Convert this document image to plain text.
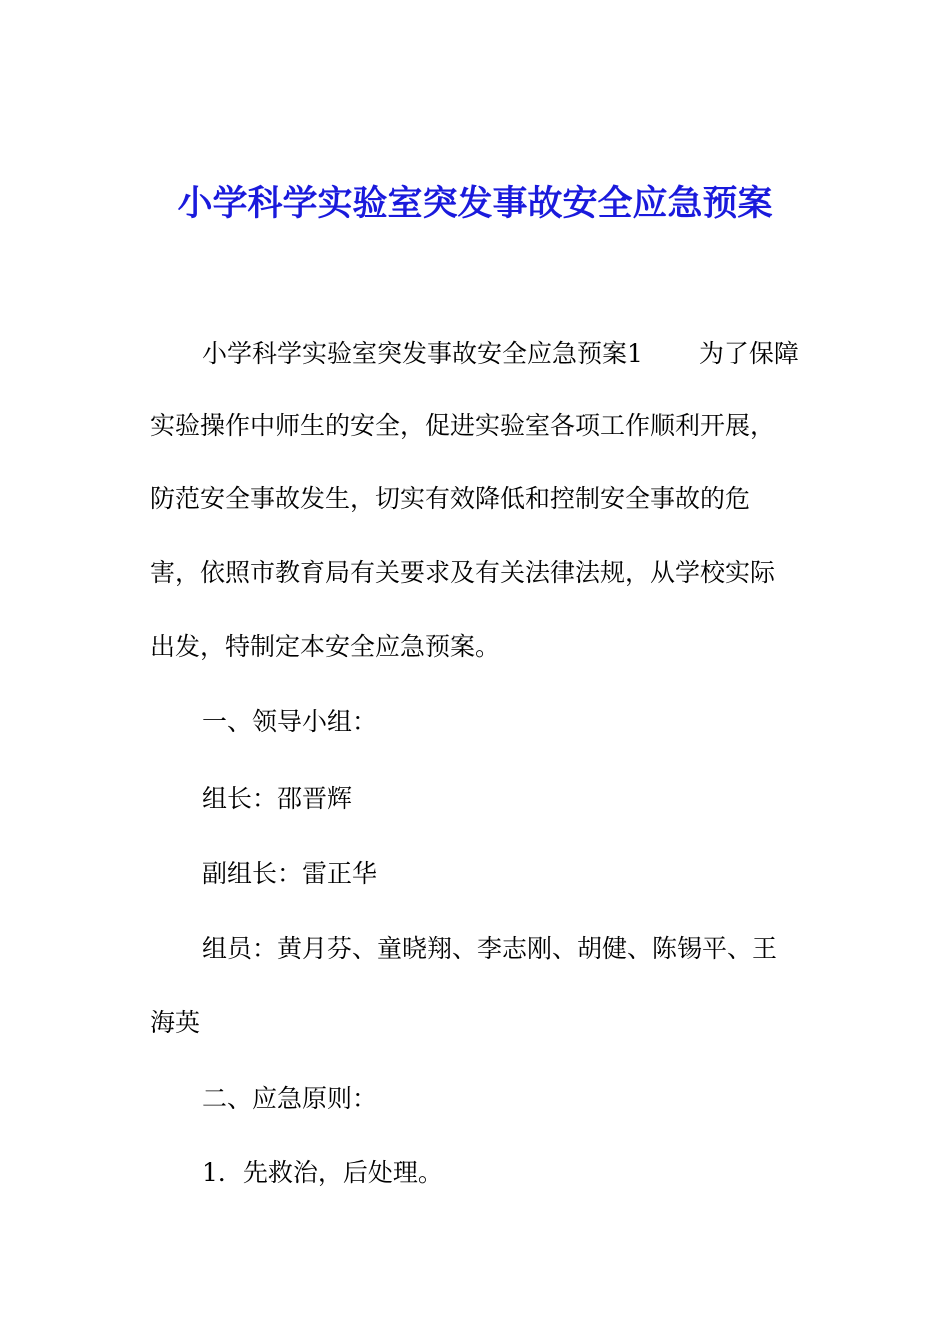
小学科学实验室突发事故安全应急预案
小学科学实验室突发事故安全应急预案1 为了保障
实验操作中师生的安全，促进实验室各项工作顺利开展，
防范安全事故发生，切实有效降低和控制安全事故的危
害，依照市教育局有关要求及有关法律法规，从学校实际
出发，特制定本安全应急预案。
一、领导小组：
组长：邵晋辉
副组长：雷正华
组员：黄月芬、童晓翔、李志刚、胡健、陈锡平、王
海英
二、应急原则：
1．先救治，后处理。
